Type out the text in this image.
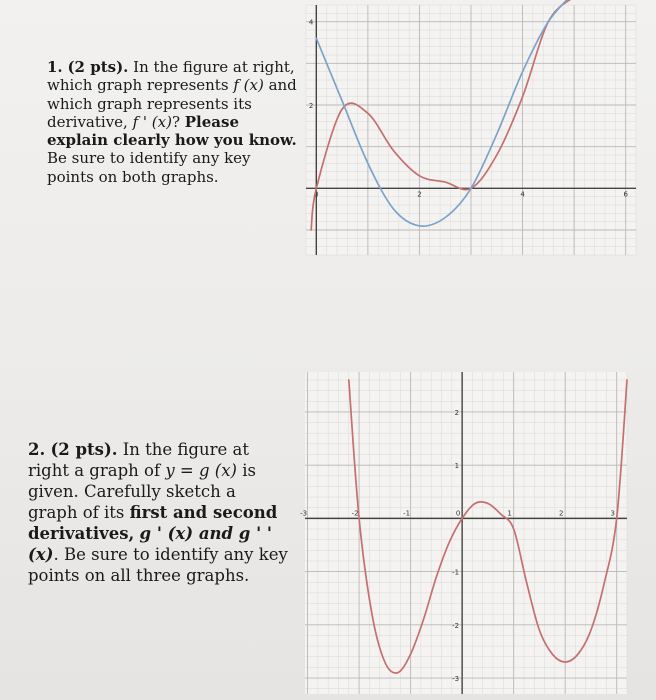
1. (2 pts). In the figure at right, which graph represents f (x) and which graph represents its derivative, f ' (x)? Please explain clearly how you know. Be sure to identify any key points on both graphs.
2. (2 pts). In the figure at right a graph of y = g (x) is given. Carefully sketch a graph of its first and second derivatives, g ' (x) and g ' ' (x). Be sure to identify any key points on all three graphs.
0	2	4	6
2
4
-3	-2	-1	0	1	2	3
2
1
-1
-2
-3
